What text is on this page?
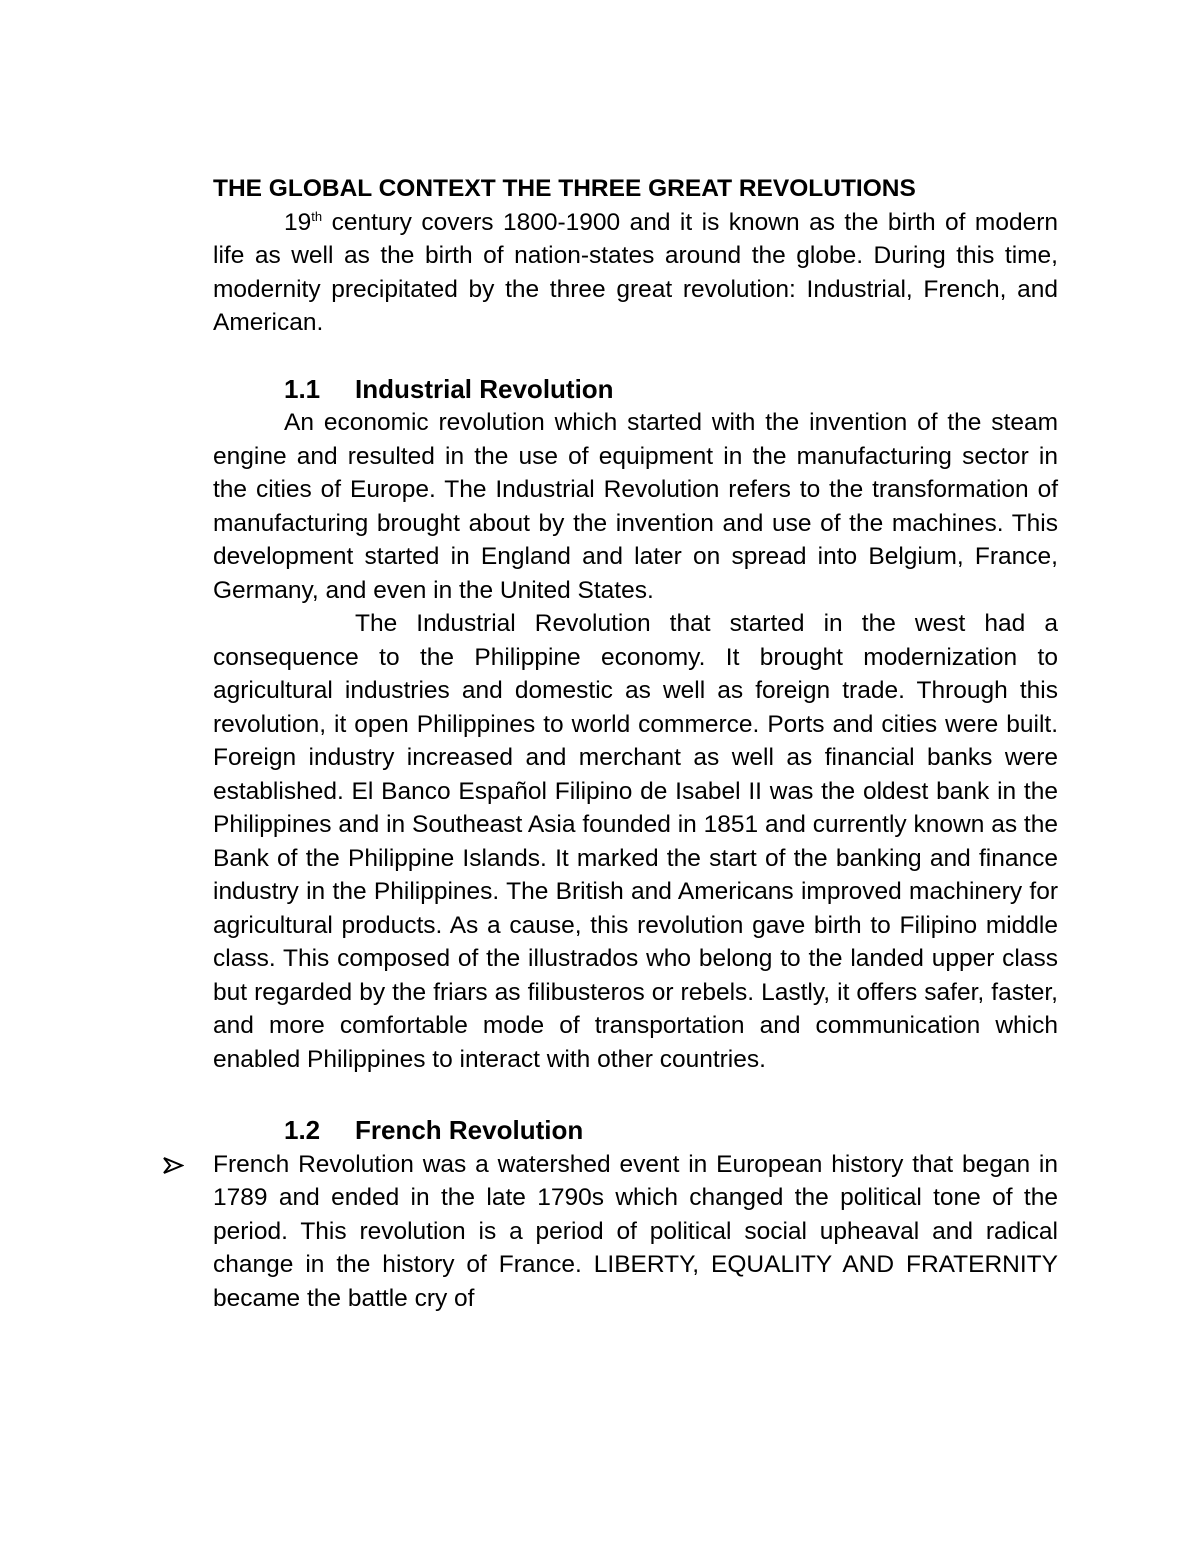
THE GLOBAL CONTEXT THE THREE GREAT REVOLUTIONS

19th century covers 1800-1900 and it is known as the birth of modern life as well as the birth of nation-states around the globe. During this time, modernity precipitated by the three great revolution: Industrial, French, and American.

1.1 Industrial Revolution

An economic revolution which started with the invention of the steam engine and resulted in the use of equipment in the manufacturing sector in the cities of Europe. The Industrial Revolution refers to the transformation of manufacturing brought about by the invention and use of the machines. This development started in England and later on spread into Belgium, France, Germany, and even in the United States.

The Industrial Revolution that started in the west had a consequence to the Philippine economy. It brought modernization to agricultural industries and domestic as well as foreign trade. Through this revolution, it open Philippines to world commerce. Ports and cities were built. Foreign industry increased and merchant as well as financial banks were established. El Banco Español Filipino de Isabel II was the oldest bank in the Philippines and in Southeast Asia founded in 1851 and currently known as the Bank of the Philippine Islands. It marked the start of the banking and finance industry in the Philippines. The British and Americans improved machinery for agricultural products. As a cause, this revolution gave birth to Filipino middle class. This composed of the illustrados who belong to the landed upper class but regarded by the friars as filibusteros or rebels. Lastly, it offers safer, faster, and more comfortable mode of transportation and communication which enabled Philippines to interact with other countries.

1.2 French Revolution
French Revolution was a watershed event in European history that began in 1789 and ended in the late 1790s which changed the political tone of the period. This revolution is a period of political social upheaval and radical change in the history of France. LIBERTY, EQUALITY AND FRATERNITY became the battle cry of
